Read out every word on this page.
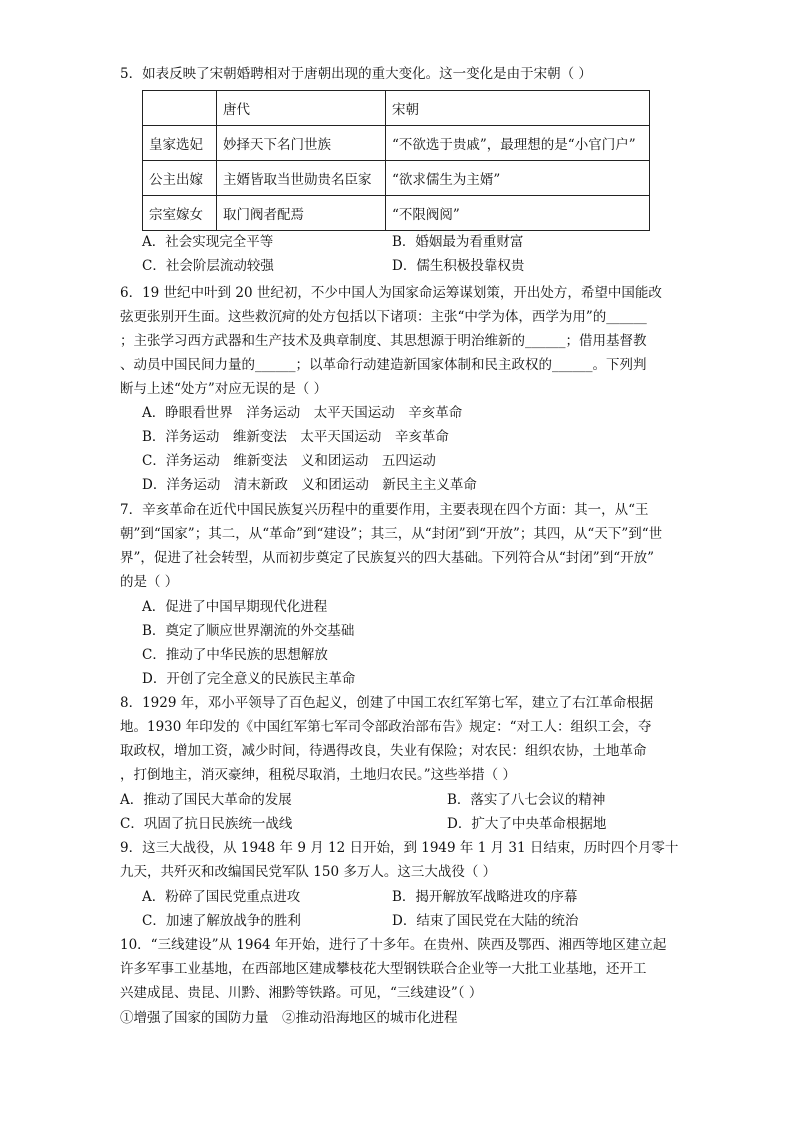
5．如表反映了宋朝婚聘相对于唐朝出现的重大变化。这一变化是由于宋朝（ ）
	唐代	宋朝
皇家选妃	妙择天下名门世族	“不欲选于贵戚”，最理想的是“小官门户”
公主出嫁	主婿皆取当世勋贵名臣家	“欲求儒生为主婿”
宗室嫁女	取门阀者配焉	“不限阀阅”
A．社会实现完全平等	B．婚姻最为看重财富
C．社会阶层流动较强	D．儒生积极投靠权贵
6．19 世纪中叶到 20 世纪初，不少中国人为国家命运筹谋划策，开出处方，希望中国能改
弦更张别开生面。这些救沉疴的处方包括以下诸项：主张“中学为体，西学为用”的______
；主张学习西方武器和生产技术及典章制度、其思想源于明治维新的______；借用基督教
、动员中国民间力量的______；以革命行动建造新国家体制和民主政权的______。下列判
断与上述“处方”对应无误的是（ ）
A．睁眼看世界　洋务运动　太平天国运动　辛亥革命
B．洋务运动　维新变法　太平天国运动　辛亥革命
C．洋务运动　维新变法　义和团运动　五四运动
D．洋务运动　清末新政　义和团运动　新民主主义革命
7．辛亥革命在近代中国民族复兴历程中的重要作用，主要表现在四个方面：其一，从“王
朝”到“国家”；其二，从“革命”到“建设”；其三，从“封闭”到“开放”；其四，从“天下”到“世
界”，促进了社会转型，从而初步奠定了民族复兴的四大基础。下列符合从“封闭”到“开放”
的是（ ）
A．促进了中国早期现代化进程
B．奠定了顺应世界潮流的外交基础
C．推动了中华民族的思想解放
D．开创了完全意义的民族民主革命
8．1929 年，邓小平领导了百色起义，创建了中国工农红军第七军，建立了右江革命根据
地。1930 年印发的《中国红军第七军司令部政治部布告》规定：“对工人：组织工会，夺
取政权，增加工资，减少时间，待遇得改良，失业有保险；对农民：组织农协，土地革命
，打倒地主，消灭豪绅，租税尽取消，土地归农民。”这些举措（ ）
A．推动了国民大革命的发展	B．落实了八七会议的精神
C．巩固了抗日民族统一战线	D．扩大了中央革命根据地
9．这三大战役，从 1948 年 9 月 12 日开始，到 1949 年 1 月 31 日结束，历时四个月零十
九天，共歼灭和改编国民党军队 150 多万人。这三大战役（ ）
A．粉碎了国民党重点进攻	B．揭开解放军战略进攻的序幕
C．加速了解放战争的胜利	D．结束了国民党在大陆的统治
10．“三线建设”从 1964 年开始，进行了十多年。在贵州、陕西及鄂西、湘西等地区建立起
许多军事工业基地，在西部地区建成攀枝花大型钢铁联合企业等一大批工业基地，还开工
兴建成昆、贵昆、川黔、湘黔等铁路。可见，“三线建设”（ ）
①增强了国家的国防力量　②推动沿海地区的城市化进程
